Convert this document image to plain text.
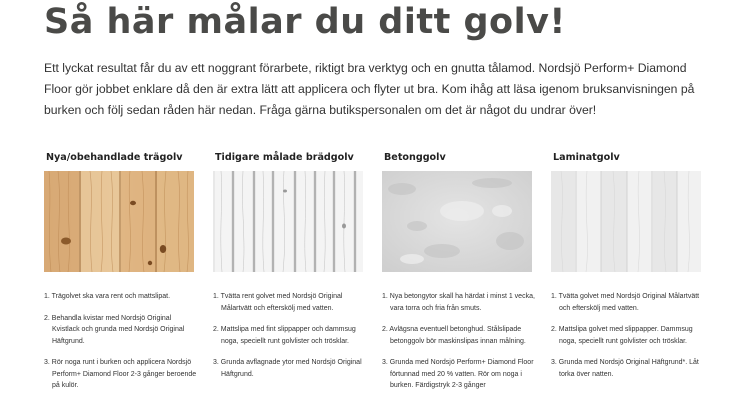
Så här målar du ditt golv!

Ett lyckat resultat får du av ett noggrant förarbete, riktigt bra verktyg och en gnutta tålamod. Nordsjö Perform+ Diamond Floor gör jobbet enklare då den är extra lätt att applicera och flyter ut bra. Kom ihåg att läsa igenom bruksanvisningen på burken och följ sedan råden här nedan. Fråga gärna butikspersonalen om det är något du undrar över!

Nya/obehandlade trägolv
1. Trägolvet ska vara rent och mattslipat.
2. Behandla kvistar med Nordsjö Original Kvistlack och grunda med Nordsjö Original Häftgrund.
3. Rör noga runt i burken och applicera Nordsjö Perform+ Diamond Floor 2-3 gånger beroende på kulör.
Tidigare målade brädgolv
1. Tvätta rent golvet med Nordsjö Original Målartvätt och efterskölj med vatten.
2. Mattslipa med fint slippapper och dammsug noga, speciellt runt golvlister och trösklar.
3. Grunda avflagnade ytor med Nordsjö Original Häftgrund.
Betonggolv
1. Nya betongytor skall ha härdat i minst 1 vecka, vara torra och fria från smuts.
2. Avlägsna eventuell betonghud. Stålslipade betonggolv bör maskinslipas innan målning.
3. Grunda med Nordsjö Perform+ Diamond Floor förtunnad med 20 % vatten. Rör om noga i burken. Färdigstryk 2-3 gånger
Laminatgolv
1. Tvätta golvet med Nordsjö Original Målartvätt och efterskölj med vatten.
2. Mattslipa golvet med slippapper. Dammsug noga, speciellt runt golvlister och trösklar.
3. Grunda med Nordsjö Original Häftgrund*. Låt torka över natten.
